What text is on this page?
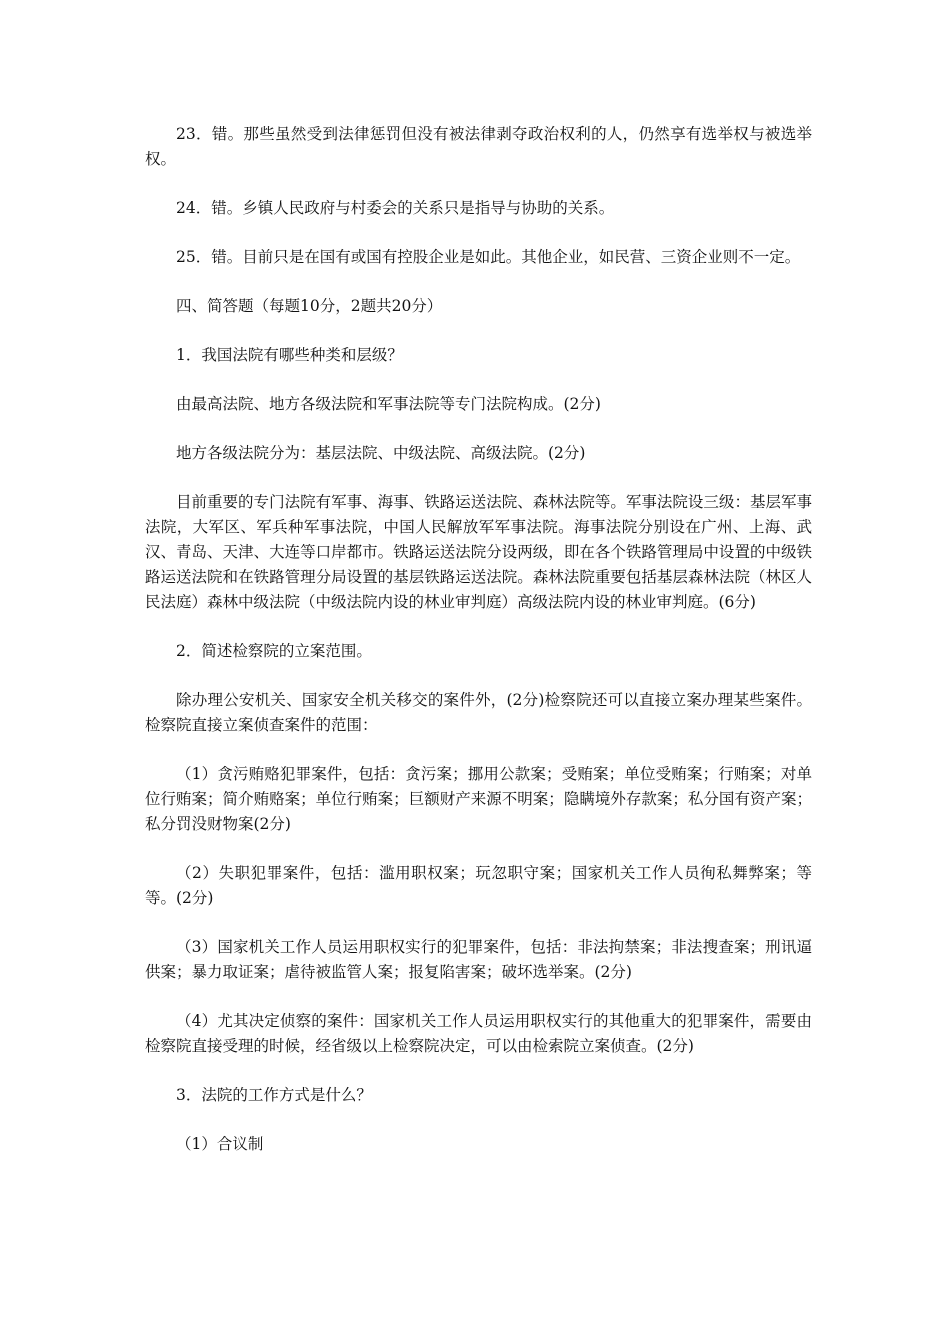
23．错。那些虽然受到法律惩罚但没有被法律剥夺政治权利的人，仍然享有选举权与被选举权。

24．错。乡镇人民政府与村委会的关系只是指导与协助的关系。

25．错。目前只是在国有或国有控股企业是如此。其他企业，如民营、三资企业则不一定。

四、简答题（每题10分，2题共20分）

1．我国法院有哪些种类和层级？

由最高法院、地方各级法院和军事法院等专门法院构成。(2分)

地方各级法院分为：基层法院、中级法院、高级法院。(2分)

目前重要的专门法院有军事、海事、铁路运送法院、森林法院等。军事法院设三级：基层军事法院，大军区、军兵种军事法院，中国人民解放军军事法院。海事法院分别设在广州、上海、武汉、青岛、天津、大连等口岸都市。铁路运送法院分设两级，即在各个铁路管理局中设置的中级铁路运送法院和在铁路管理分局设置的基层铁路运送法院。森林法院重要包括基层森林法院（林区人民法庭）森林中级法院（中级法院内设的林业审判庭）高级法院内设的林业审判庭。(6分)

2．简述检察院的立案范围。

除办理公安机关、国家安全机关移交的案件外，(2分)检察院还可以直接立案办理某些案件。检察院直接立案侦查案件的范围：

（1）贪污贿赂犯罪案件，包括：贪污案；挪用公款案；受贿案；单位受贿案；行贿案；对单位行贿案；简介贿赂案；单位行贿案；巨额财产来源不明案；隐瞒境外存款案；私分国有资产案；私分罚没财物案(2分)

（2）失职犯罪案件，包括：滥用职权案；玩忽职守案；国家机关工作人员徇私舞弊案；等等。(2分)

（3）国家机关工作人员运用职权实行的犯罪案件，包括：非法拘禁案；非法搜查案；刑讯逼供案；暴力取证案；虐待被监管人案；报复陷害案；破坏选举案。(2分)

（4）尤其决定侦察的案件：国家机关工作人员运用职权实行的其他重大的犯罪案件，需要由检察院直接受理的时候，经省级以上检察院决定，可以由检索院立案侦查。(2分)

3．法院的工作方式是什么？

（1）合议制
